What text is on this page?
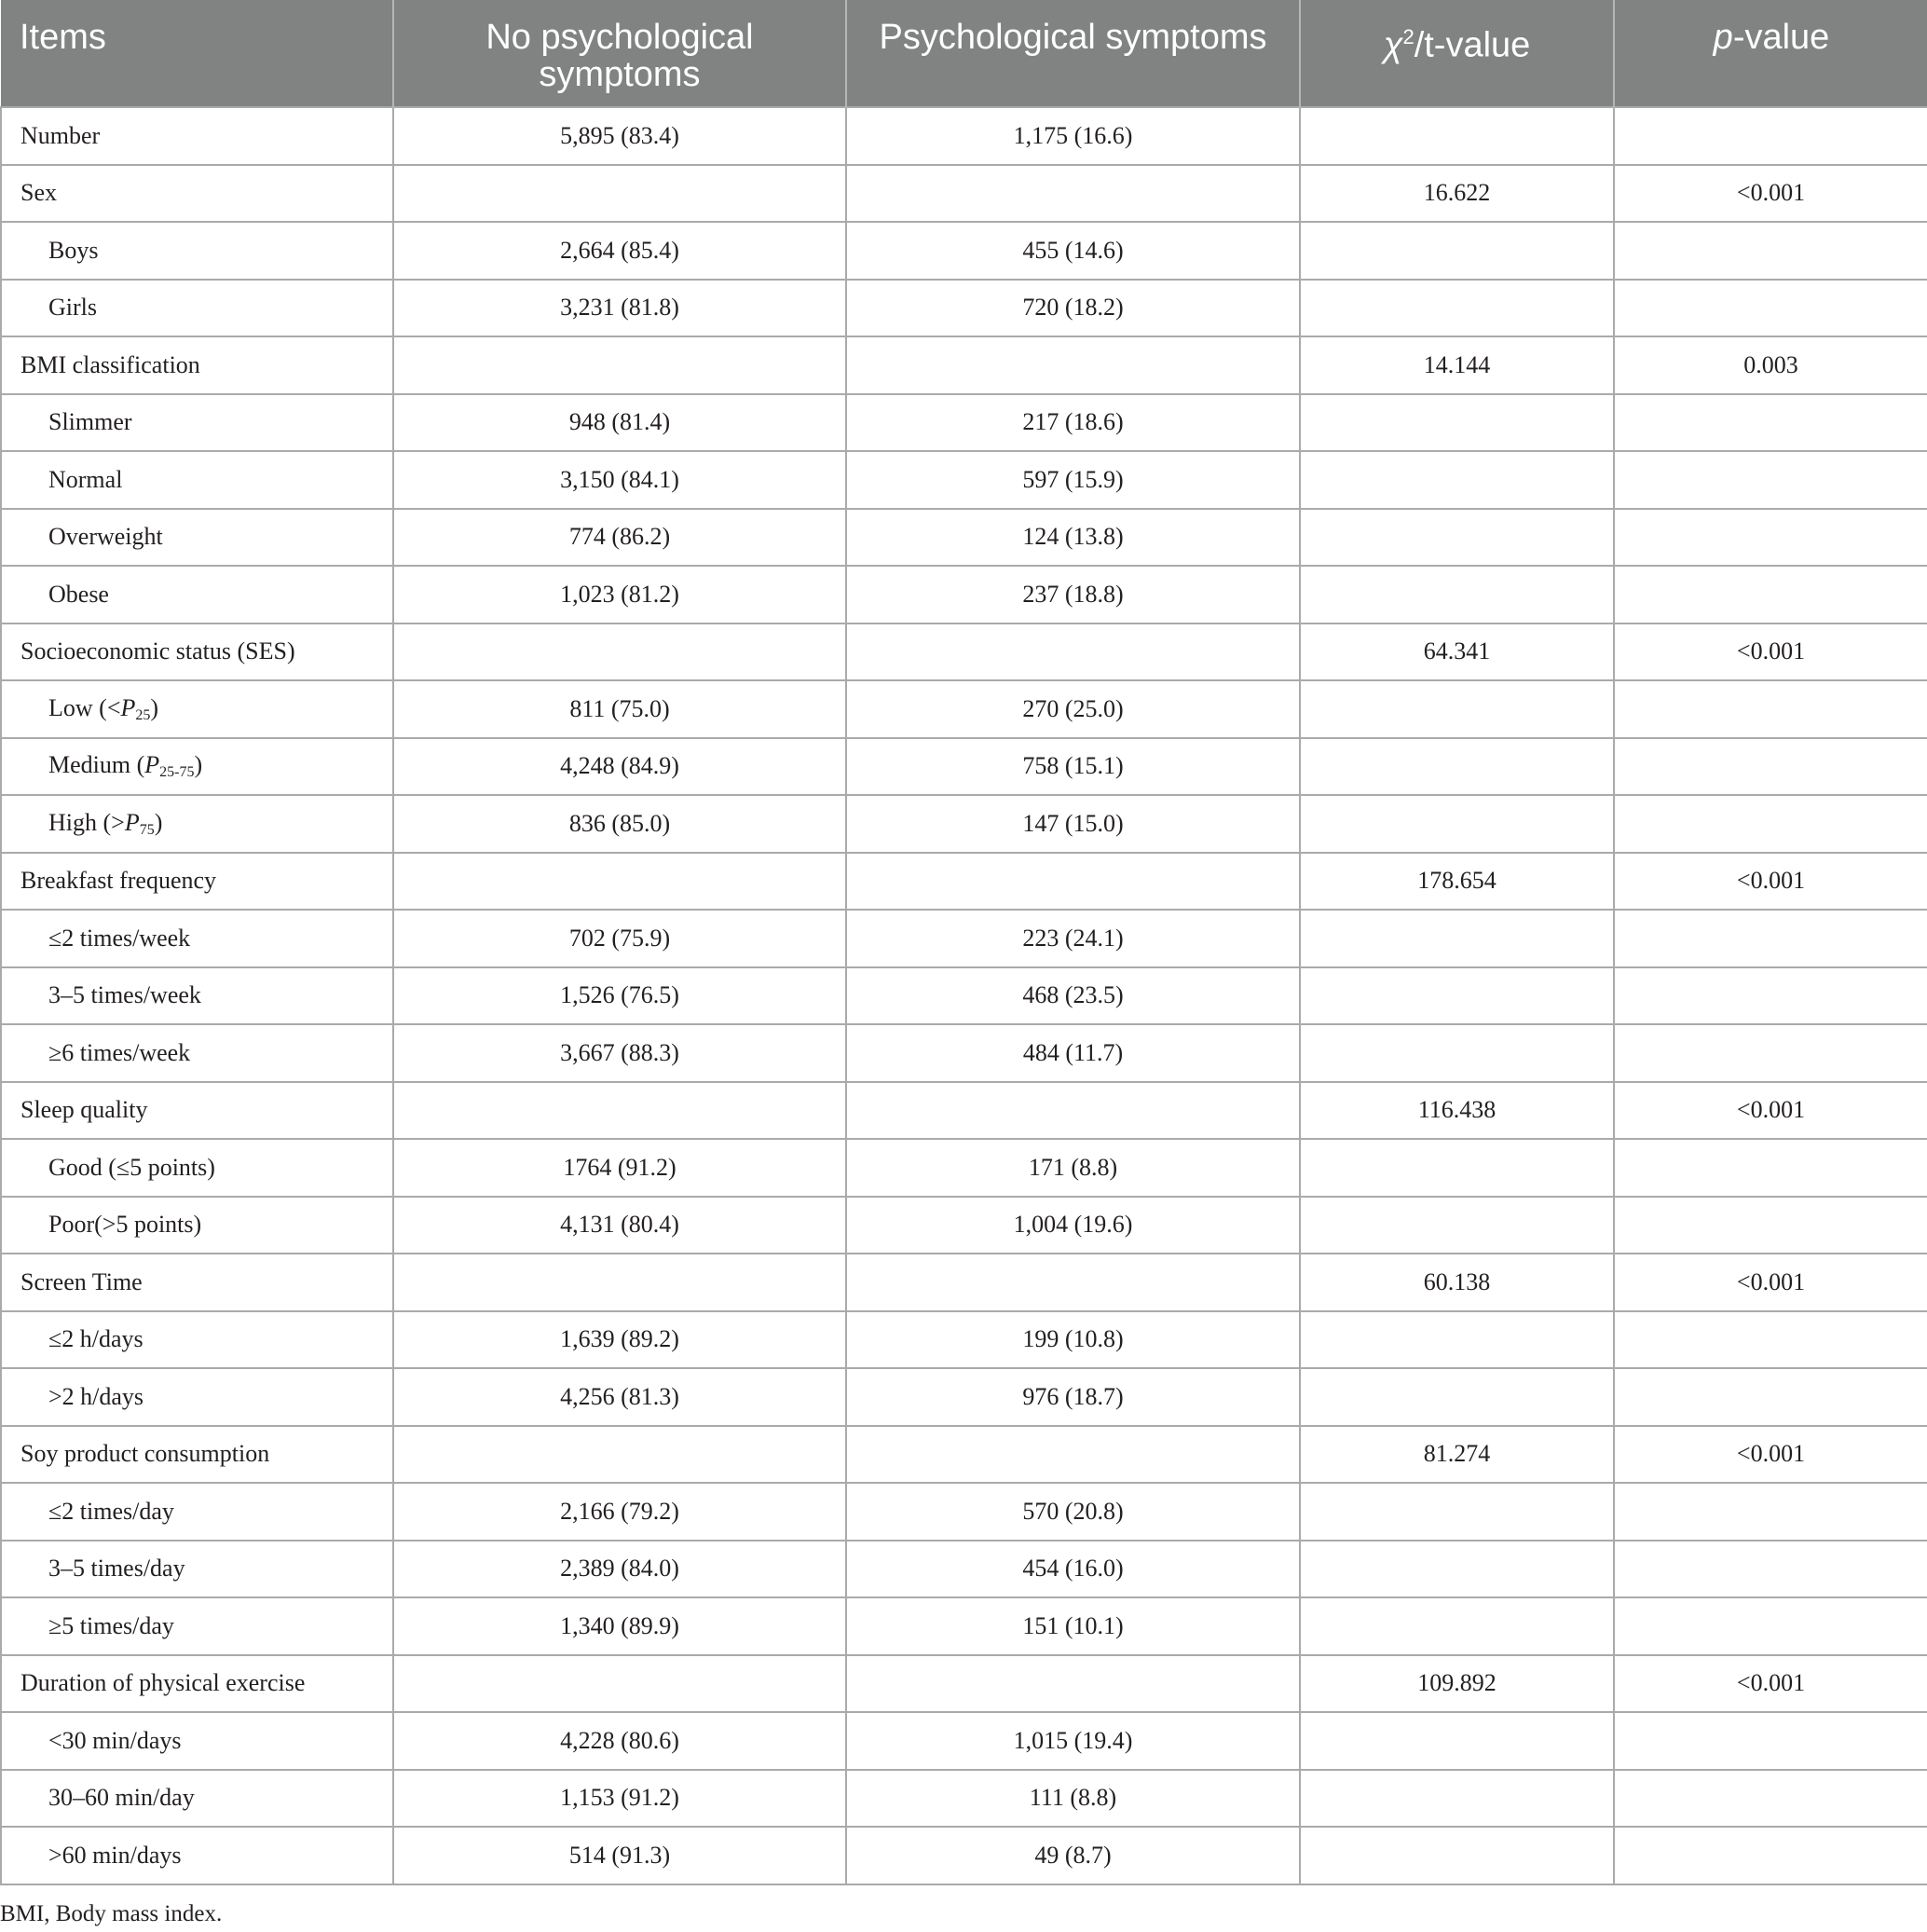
Items	No psychological symptoms	Psychological symptoms	$\chi^2/t$-value	p-value
Number	5,895 (83.4)	1,175 (16.6)		
Sex			16.622	<0.001
Boys	2,664 (85.4)	455 (14.6)		
Girls	3,231 (81.8)	720 (18.2)		
BMI classification			14.144	0.003
Slimmer	948 (81.4)	217 (18.6)		
Normal	3,150 (84.1)	597 (15.9)		
Overweight	774 (86.2)	124 (13.8)		
Obese	1,023 (81.2)	237 (18.8)		
Socioeconomic status (SES)			64.341	<0.001
Low $(<P_{25})$	811 (75.0)	270 (25.0)		
Medium $(P_{25-75})$	4,248 (84.9)	758 (15.1)		
High $(>P_{75})$	836 (85.0)	147 (15.0)		
Breakfast frequency			178.654	<0.001
≤2 times/week	702 (75.9)	223 (24.1)		
3–5 times/week	1,526 (76.5)	468 (23.5)		
≥6 times/week	3,667 (88.3)	484 (11.7)		
Sleep quality			116.438	<0.001
Good (≤5 points)	1764 (91.2)	171 (8.8)		
Poor(>5 points)	4,131 (80.4)	1,004 (19.6)		
Screen Time			60.138	<0.001
≤2 h/days	1,639 (89.2)	199 (10.8)		
>2 h/days	4,256 (81.3)	976 (18.7)		
Soy product consumption			81.274	<0.001
≤2 times/day	2,166 (79.2)	570 (20.8)		
3–5 times/day	2,389 (84.0)	454 (16.0)		
≥5 times/day	1,340 (89.9)	151 (10.1)		
Duration of physical exercise			109.892	<0.001
<30 min/days	4,228 (80.6)	1,015 (19.4)		
30–60 min/day	1,153 (91.2)	111 (8.8)		
>60 min/days	514 (91.3)	49 (8.7)		
BMI, Body mass index.
